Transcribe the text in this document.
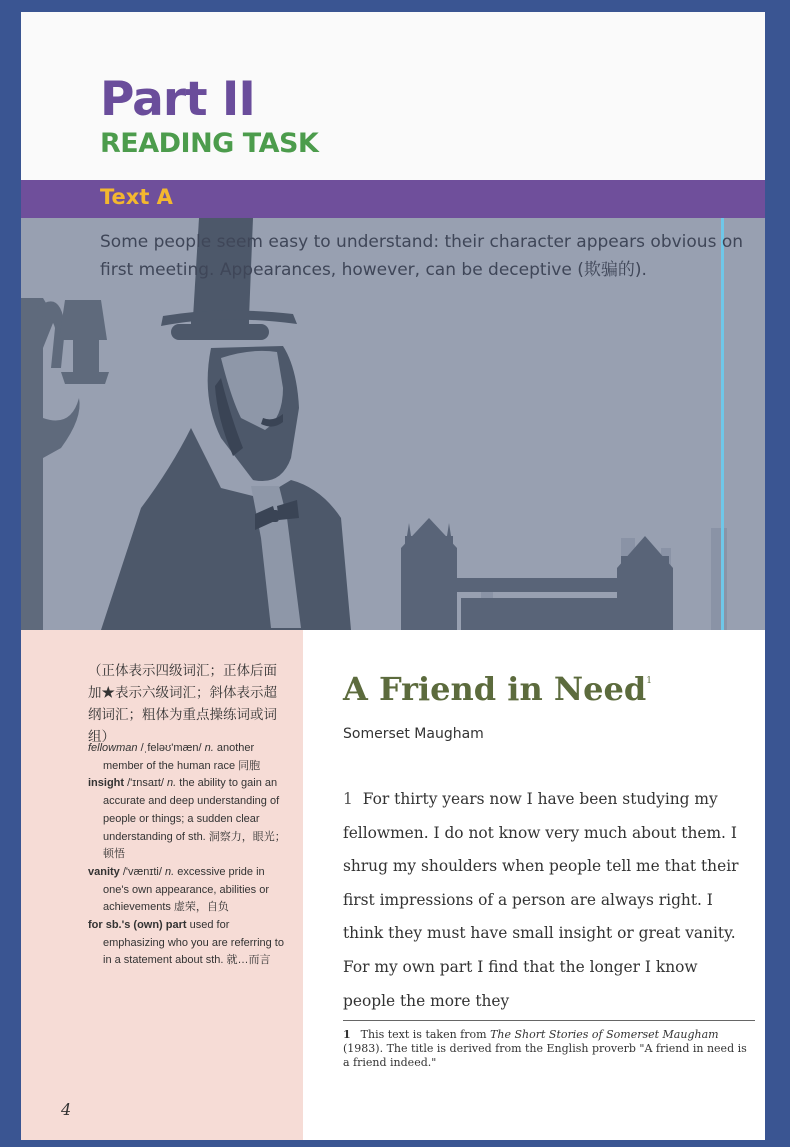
Part II
READING TASK
Text A
Some people seem easy to understand: their character appears obvious on first meeting. Appearances, however, can be deceptive (欺骗的).
（正体表示四级词汇；正体后面加★表示六级词汇；斜体表示超纲词汇；粗体为重点操练词或词组）

fellowman /ˌfeləʊ'mæn/ n. another member of the human race 同胞

insight /'ɪnsaɪt/ n. the ability to gain an accurate and deep understanding of people or things; a sudden clear understanding of sth. 洞察力，眼光；顿悟

vanity /'vænɪti/ n. excessive pride in one's own appearance, abilities or achievements 虚荣，自负

for sb.'s (own) part used for emphasizing who you are referring to in a statement about sth. 就…而言

4
A Friend in Need$^1$
Somerset Maugham

1 For thirty years now I have been studying my fellowmen. I do not know very much about them. I shrug my shoulders when people tell me that their first impressions of a person are always right. I think they must have small insight or great vanity. For my own part I find that the longer I know people the more they

1 This text is taken from The Short Stories of Somerset Maugham (1983). The title is derived from the English proverb "A friend in need is a friend indeed."
